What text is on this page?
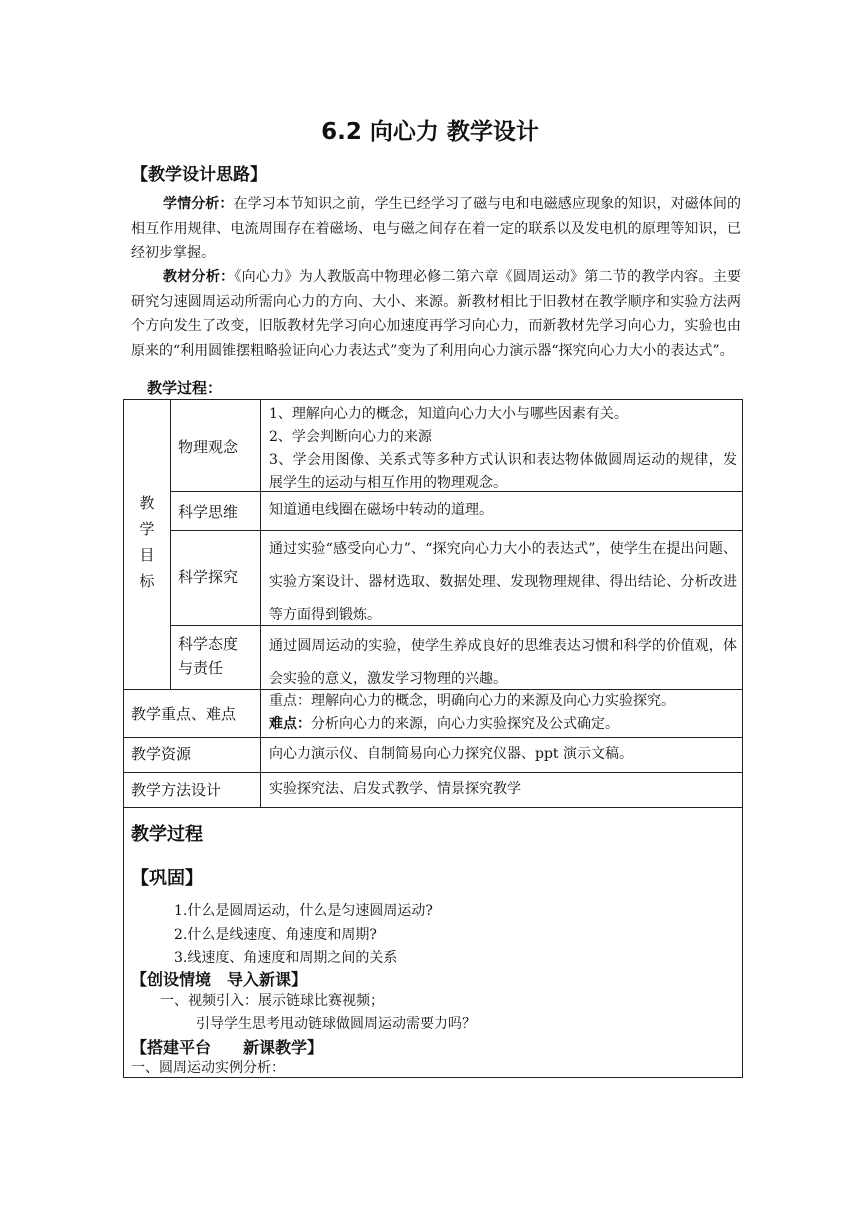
6.2 向心力 教学设计
【教学设计思路】
学情分析：在学习本节知识之前，学生已经学习了磁与电和电磁感应现象的知识，对磁体间的相互作用规律、电流周围存在着磁场、电与磁之间存在着一定的联系以及发电机的原理等知识，已经初步掌握。
教材分析：《向心力》为人教版高中物理必修二第六章《圆周运动》第二节的教学内容。主要研究匀速圆周运动所需向心力的方向、大小、来源。新教材相比于旧教材在教学顺序和实验方法两个方向发生了改变，旧版教材先学习向心加速度再学习向心力，而新教材先学习向心力，实验也由原来的“利用圆锥摆粗略验证向心力表达式”变为了利用向心力演示器“探究向心力大小的表达式”。
教学过程：
教
学
目
标
物理观念
1、理解向心力的概念，知道向心力大小与哪些因素有关。
2、学会判断向心力的来源
3、学会用图像、关系式等多种方式认识和表达物体做圆周运动的规律，发展学生的运动与相互作用的物理观念。
科学思维 知道通电线圈在磁场中转动的道理。
科学探究
通过实验“感受向心力”、“探究向心力大小的表达式”，使学生在提出问题、实验方案设计、器材选取、数据处理、发现物理规律、得出结论、分析改进等方面得到锻炼。
科学态度
与责任
通过圆周运动的实验，使学生养成良好的思维表达习惯和科学的价值观，体会实验的意义，激发学习物理的兴趣。
教学重点、难点
重点：理解向心力的概念，明确向心力的来源及向心力实验探究。
难点：分析向心力的来源，向心力实验探究及公式确定。
教学资源	向心力演示仪、自制简易向心力探究仪器、ppt 演示文稿。
教学方法设计	实验探究法、启发式教学、情景探究教学
教学过程
【巩固】
1.什么是圆周运动，什么是匀速圆周运动?
2.什么是线速度、角速度和周期?
3.线速度、角速度和周期之间的关系
【创设情境　导入新课】
一、视频引入：展示链球比赛视频；
引导学生思考甩动链球做圆周运动需要力吗？
【搭建平台　　新课教学】
一、圆周运动实例分析：
